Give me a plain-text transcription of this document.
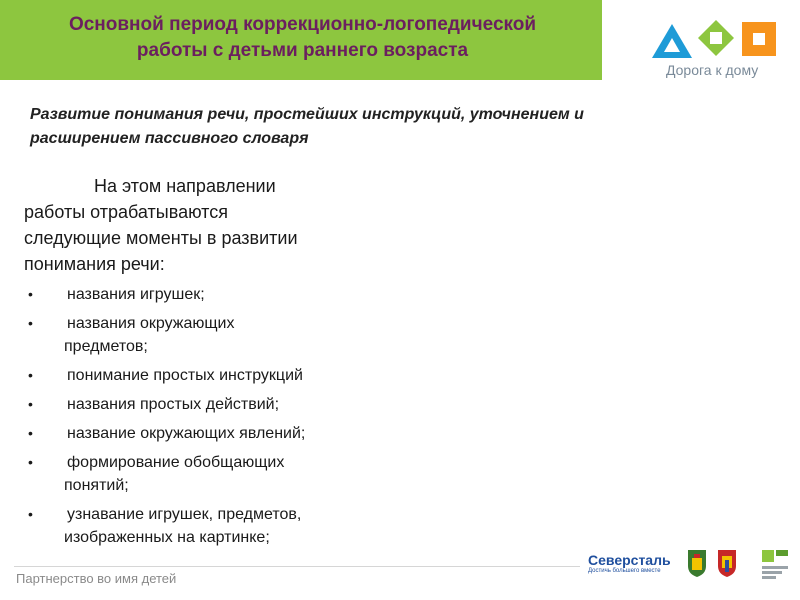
Основной период коррекционно-логопедической
работы с детьми раннего возраста
Дорога к дому
Развитие понимания речи, простейших инструкций, уточнением и
расширением пассивного словаря
На этом направлении
работы отрабатываются
следующие моменты в развитии
понимания речи:
• названия игрушек;
• названия окружающих
предметов;
• понимание простых инструкций
• названия простых действий;
• название окружающих явлений;
• формирование обобщающих
понятий;
• узнавание игрушек, предметов,
изображенных на картинке;
Партнерство во имя детей
Северсталь
Достичь большего вместе
